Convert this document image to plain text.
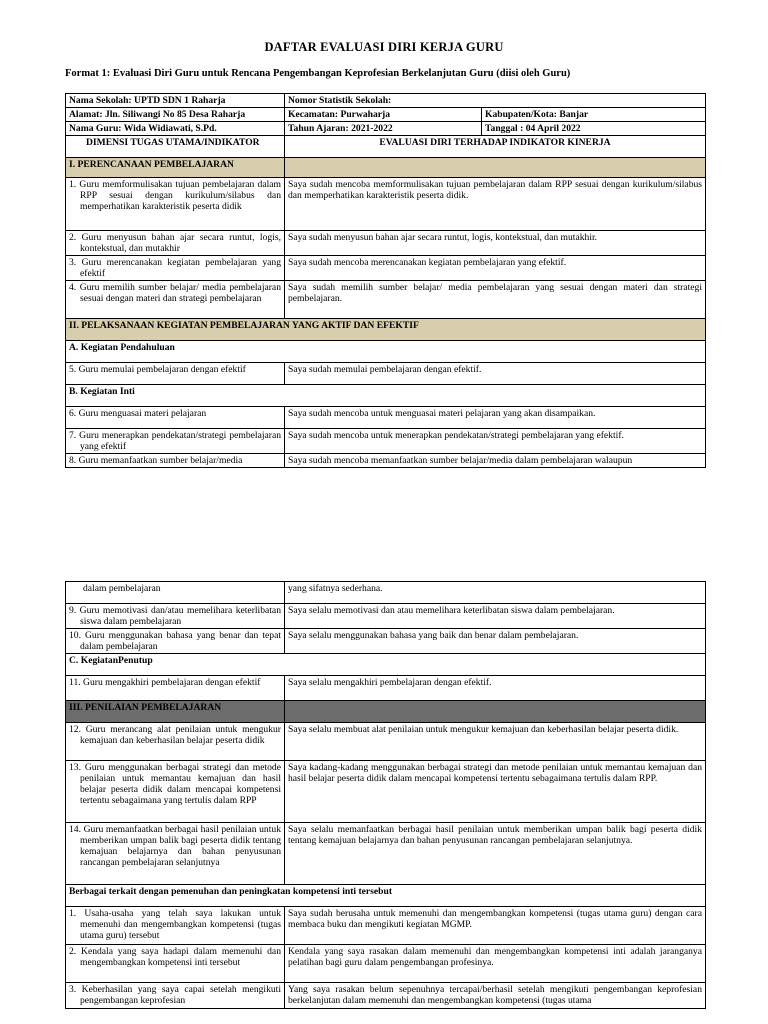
DAFTAR EVALUASI DIRI KERJA GURU
Format 1: Evaluasi Diri Guru untuk Rencana Pengembangan Keprofesian Berkelanjutan Guru (diisi oleh Guru)
Nama Sekolah: UPTD SDN 1 Raharja	Nomor Statistik Sekolah:	
Alamat: Jln. Siliwangi No 85 Desa Raharja	Kecamatan: Purwaharja	Kabupaten/Kota: Banjar
Nama Guru: Wida Widiawati, S.Pd.	Tahun Ajaran: 2021-2022	Tanggal : 04 April 2022
DIMENSI TUGAS UTAMA/INDIKATOR	EVALUASI DIRI TERHADAP INDIKATOR KINERJA	
I. PERENCANAAN PEMBELAJARAN		
1. Guru memformulisakan tujuan pembelajaran dalam RPP sesuai dengan kurikulum/silabus dan memperhatikan karakteristik peserta didik	Saya sudah mencoba memformulisakan tujuan pembelajaran dalam RPP sesuai dengan kurikulum/silabus dan memperhatikan karakteristik peserta didik.	
2. Guru menyusun bahan ajar secara runtut, logis, kontekstual, dan mutakhir	Saya sudah menyusun bahan ajar secara runtut, logis, kontekstual, dan mutakhir.	
3. Guru merencanakan kegiatan pembelajaran yang efektif	Saya sudah mencoba merencanakan kegiatan pembelajaran yang efektif.	
4. Guru memilih sumber belajar/ media pembelajaran sesuai dengan materi dan strategi pembelajaran	Saya sudah memilih sumber belajar/ media pembelajaran yang sesuai dengan materi dan strategi pembelajaran.	
II. PELAKSANAAN KEGIATAN PEMBELAJARAN YANG AKTIF DAN EFEKTIF		
A. Kegiatan Pendahuluan		
5. Guru memulai pembelajaran dengan efektif	Saya sudah memulai pembelajaran dengan efektif.	
B. Kegiatan Inti		
6. Guru menguasai materi pelajaran	Saya sudah mencoba untuk menguasai materi pelajaran yang akan disampaikan.	
7. Guru menerapkan pendekatan/strategi pembelajaran yang efektif	Saya sudah mencoba untuk menerapkan pendekatan/strategi pembelajaran yang efektif.	
8. Guru memanfaatkan sumber belajar/media	Saya sudah mencoba memanfaatkan sumber belajar/media dalam pembelajaran walaupun	
dalam pembelajaran	yang sifatnya sederhana.
9. Guru memotivasi dan/atau memelihara keterlibatan siswa dalam pembelajaran	Saya selalu memotivasi dan atau memelihara keterlibatan siswa dalam pembelajaran.
10. Guru menggunakan bahasa yang benar dan tepat dalam pembelajaran	Saya selalu menggunakan bahasa yang baik dan benar dalam pembelajaran.
C. KegiatanPenutup	
11. Guru mengakhiri pembelajaran dengan efektif	Saya selalu mengakhiri pembelajaran dengan efektif.
III. PENILAIAN PEMBELAJARAN	
12. Guru merancang alat penilaian untuk mengukur kemajuan dan keberhasilan belajar peserta didik	Saya selalu membuat alat penilaian untuk mengukur kemajuan dan keberhasilan belajar peserta didik.
13. Guru menggunakan berbagai strategi dan metode penilaian untuk memantau kemajuan dan hasil belajar peserta didik dalam mencapai kompetensi tertentu sebagaimana yang tertulis dalam RPP	Saya kadang-kadang menggunakan berbagai strategi dan metode penilaian untuk memantau kemajuan dan hasil belajar peserta didik dalam mencapai kompetensi tertentu sebagaimana tertulis dalam RPP.
14. Guru memanfaatkan berbagai hasil penilaian untuk memberikan umpan balik bagi peserta didik tentang kemajuan belajarnya dan bahan penyusunan rancangan pembelajaran selanjutnya	Saya selalu memanfaatkan berbagai hasil penilaian untuk memberikan umpan balik bagi peserta didik tentang kemajuan belajarnya dan bahan penyusunan rancangan pembelajaran selanjutnya.
Berbagai terkait dengan pemenuhan dan peningkatan kompetensi inti tersebut	
1. Usaha-usaha yang telah saya lakukan untuk memenuhi dan mengembangkan kompetensi (tugas utama guru) tersebut	Saya sudah berusaha untuk memenuhi dan mengembangkan kompetensi (tugas utama guru) dengan cara membaca buku dan mengikuti kegiatan MGMP.
2. Kendala yang saya hadapi dalam memenuhi dan mengembangkan kompetensi inti tersebut	Kendala yang saya rasakan dalam memenuhi dan mengembangkan kompetensi inti adalah jaranganya pelatihan bagi guru dalam pengembangan profesinya.
3. Keberhasilan yang saya capai setelah mengikuti pengembangan keprofesian	Yang saya rasakan belum sepenuhnya tercapai/berhasil setelah mengikuti pengembangan keprofesian berkelanjutan dalam memenuhi dan mengembangkan kompetensi (tugas utama
